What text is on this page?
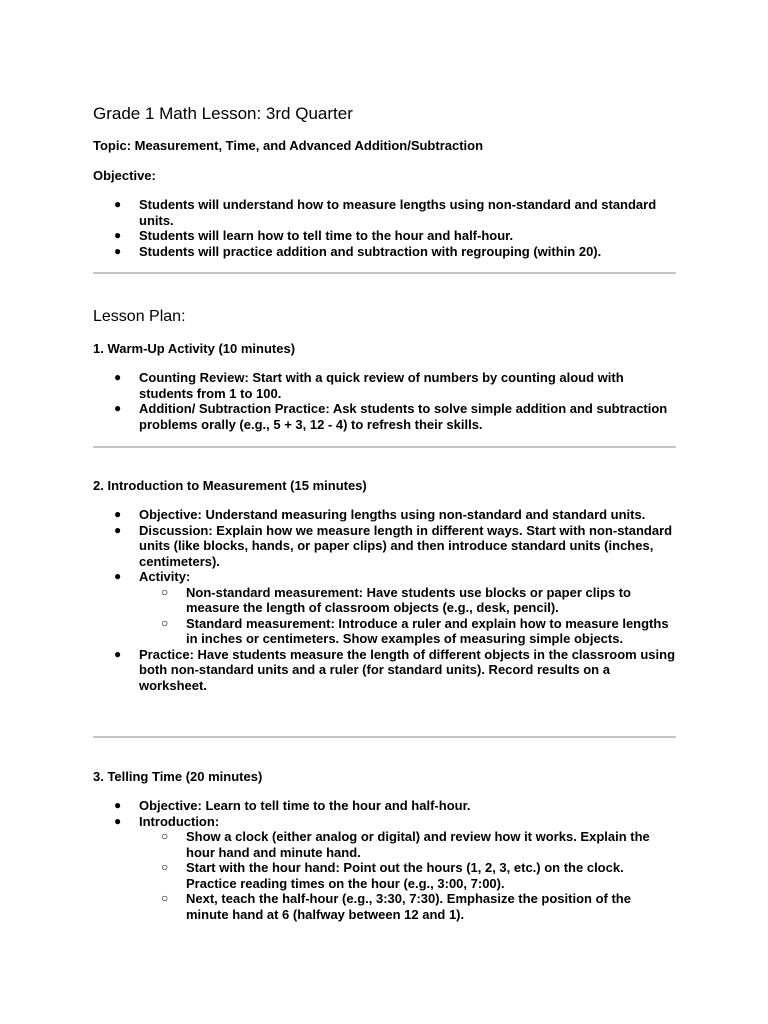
Grade 1 Math Lesson: 3rd Quarter

Topic: Measurement, Time, and Advanced Addition/Subtraction

Objective:

● Students will understand how to measure lengths using non-standard and standard units.
● Students will learn how to tell time to the hour and half-hour.
● Students will practice addition and subtraction with regrouping (within 20).
Lesson Plan:

1. Warm-Up Activity (10 minutes)

● Counting Review: Start with a quick review of numbers by counting aloud with students from 1 to 100.
● Addition/ Subtraction Practice: Ask students to solve simple addition and subtraction problems orally (e.g., 5 + 3, 12 - 4) to refresh their skills.

2. Introduction to Measurement (15 minutes)

● Objective: Understand measuring lengths using non-standard and standard units.
● Discussion: Explain how we measure length in different ways. Start with non-standard units (like blocks, hands, or paper clips) and then introduce standard units (inches, centimeters).
● Activity:
○ Non-standard measurement: Have students use blocks or paper clips to measure the length of classroom objects (e.g., desk, pencil).
○ Standard measurement: Introduce a ruler and explain how to measure lengths in inches or centimeters. Show examples of measuring simple objects.
● Practice: Have students measure the length of different objects in the classroom using both non-standard units and a ruler (for standard units). Record results on a worksheet.

3. Telling Time (20 minutes)

● Objective: Learn to tell time to the hour and half-hour.
● Introduction:
○ Show a clock (either analog or digital) and review how it works. Explain the hour hand and minute hand.
○ Start with the hour hand: Point out the hours (1, 2, 3, etc.) on the clock. Practice reading times on the hour (e.g., 3:00, 7:00).
○ Next, teach the half-hour (e.g., 3:30, 7:30). Emphasize the position of the minute hand at 6 (halfway between 12 and 1).
